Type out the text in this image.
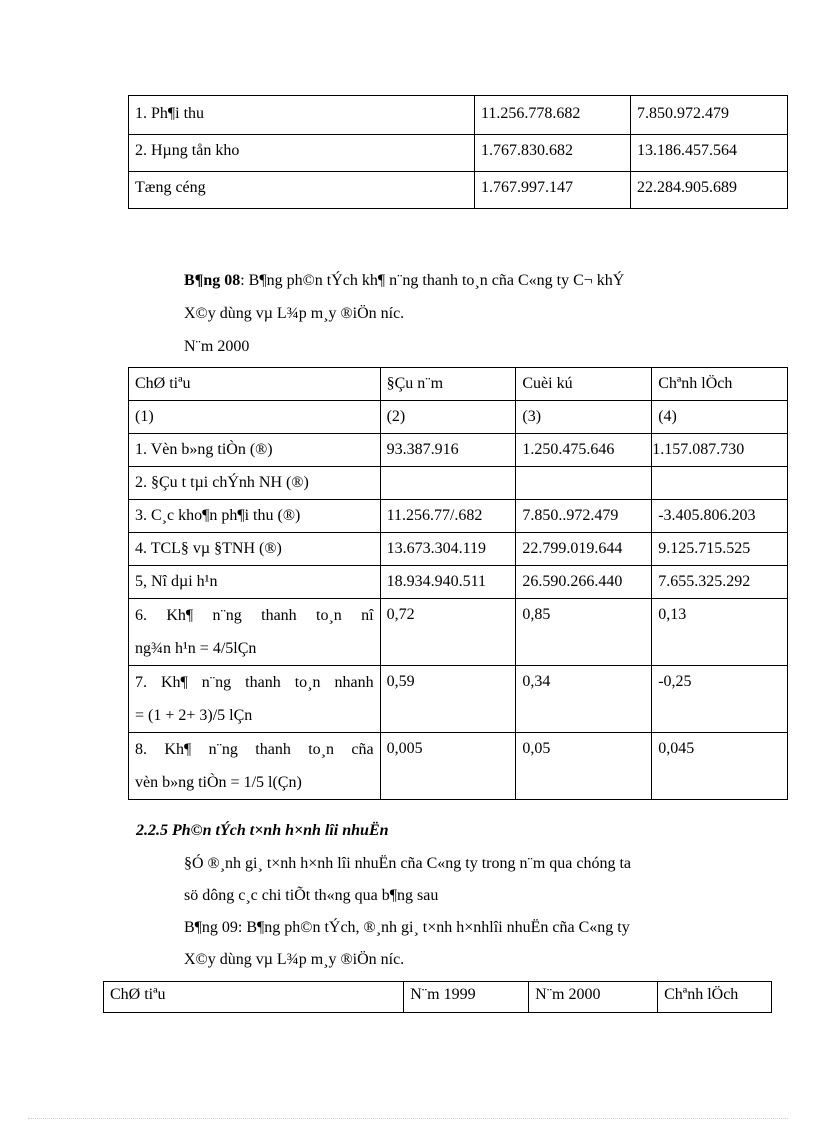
1. Ph¶i thu	11.256.778.682	7.850.972.479
2. Hµng tån kho	1.767.830.682	13.186.457.564
Tæng céng	1.767.997.147	22.284.905.689

B¶ng 08: B¶ng ph©n tÝch kh¶ n¨ng thanh to¸n cña C«ng ty C¬ khÝ

X©y dùng vµ L¾p m¸y ®iÖn níc.

N¨m 2000

ChØ tiªu	§Çu n¨m	Cuèi kú	Chªnh lÖch
(1)	(2)	(3)	(4)
1. Vèn b»ng tiÒn (®)	93.387.916	1.250.475.646	1.157.087.730
2. §Çu t tµi chÝnh NH (®)			
3. C¸c kho¶n ph¶i thu (®)	11.256.77/.682	7.850..972.479	-3.405.806.203
4. TCL§ vµ §TNH (®)	13.673.304.119	22.799.019.644	9.125.715.525
5, Nî dµi h¹n	18.934.940.511	26.590.266.440	7.655.325.292

6. Kh¶ n¨ng thanh to¸n nî
ng¾n h¹n = 4/5lÇn	0,72	0,85	0,13

7. Kh¶ n¨ng thanh to¸n nhanh
= (1 + 2+ 3)/5 lÇn	0,59	0,34	-0,25

8. Kh¶ n¨ng thanh to¸n cña
vèn b»ng tiÒn = 1/5 l(Çn)	0,005	0,05	0,045

2.2.5 Ph©n tÝch t×nh h×nh lîi nhuËn

§Ó ®¸nh gi¸ t×nh h×nh lîi nhuËn cña C«ng ty trong n¨m qua chóng ta

sö dông c¸c chi tiÕt th«ng qua b¶ng sau

B¶ng 09: B¶ng ph©n tÝch, ®¸nh gi¸ t×nh h×nhlîi nhuËn cña C«ng ty

X©y dùng vµ L¾p m¸y ®iÖn níc.

ChØ tiªu	N¨m 1999	N¨m 2000	Chªnh lÖch
